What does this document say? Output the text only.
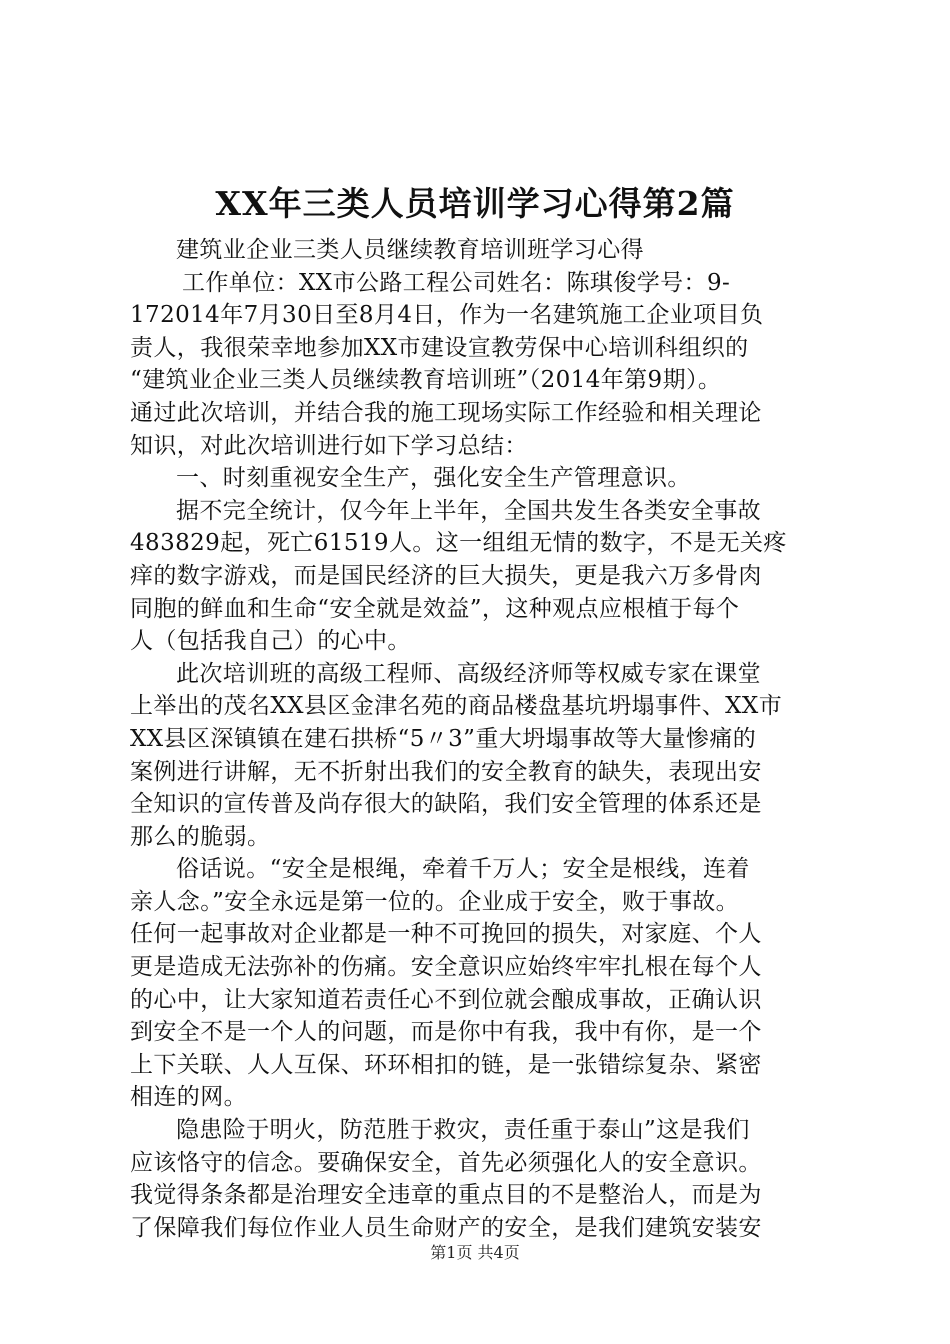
XX年三类人员培训学习心得第2篇
建筑业企业三类人员继续教育培训班学习心得
工作单位：XX市公路工程公司姓名：陈琪俊学号：9-
172014年7月30日至8月4日，作为一名建筑施工企业项目负
责人，我很荣幸地参加XX市建设宣教劳保中心培训科组织的
“建筑业企业三类人员继续教育培训班”（2014年第9期）。
通过此次培训，并结合我的施工现场实际工作经验和相关理论
知识，对此次培训进行如下学习总结：
一、时刻重视安全生产，强化安全生产管理意识。
据不完全统计，仅今年上半年，全国共发生各类安全事故
483829起，死亡61519人。这一组组无情的数字，不是无关疼
痒的数字游戏，而是国民经济的巨大损失，更是我六万多骨肉
同胞的鲜血和生命“安全就是效益”，这种观点应根植于每个
人（包括我自己）的心中。
此次培训班的高级工程师、高级经济师等权威专家在课堂
上举出的茂名XX县区金津名苑的商品楼盘基坑坍塌事件、XX市
XX县区深镇镇在建石拱桥“5〃3”重大坍塌事故等大量惨痛的
案例进行讲解，无不折射出我们的安全教育的缺失，表现出安
全知识的宣传普及尚存很大的缺陷，我们安全管理的体系还是
那么的脆弱。
俗话说。“安全是根绳，牵着千万人；安全是根线，连着
亲人念。”安全永远是第一位的。企业成于安全，败于事故。
任何一起事故对企业都是一种不可挽回的损失，对家庭、个人
更是造成无法弥补的伤痛。安全意识应始终牢牢扎根在每个人
的心中，让大家知道若责任心不到位就会酿成事故，正确认识
到安全不是一个人的问题，而是你中有我，我中有你，是一个
上下关联、人人互保、环环相扣的链，是一张错综复杂、紧密
相连的网。
隐患险于明火，防范胜于救灾，责任重于泰山”这是我们
应该恪守的信念。要确保安全，首先必须强化人的安全意识。
我觉得条条都是治理安全违章的重点目的不是整治人，而是为
了保障我们每位作业人员生命财产的安全，是我们建筑安装安
第1页 共4页
